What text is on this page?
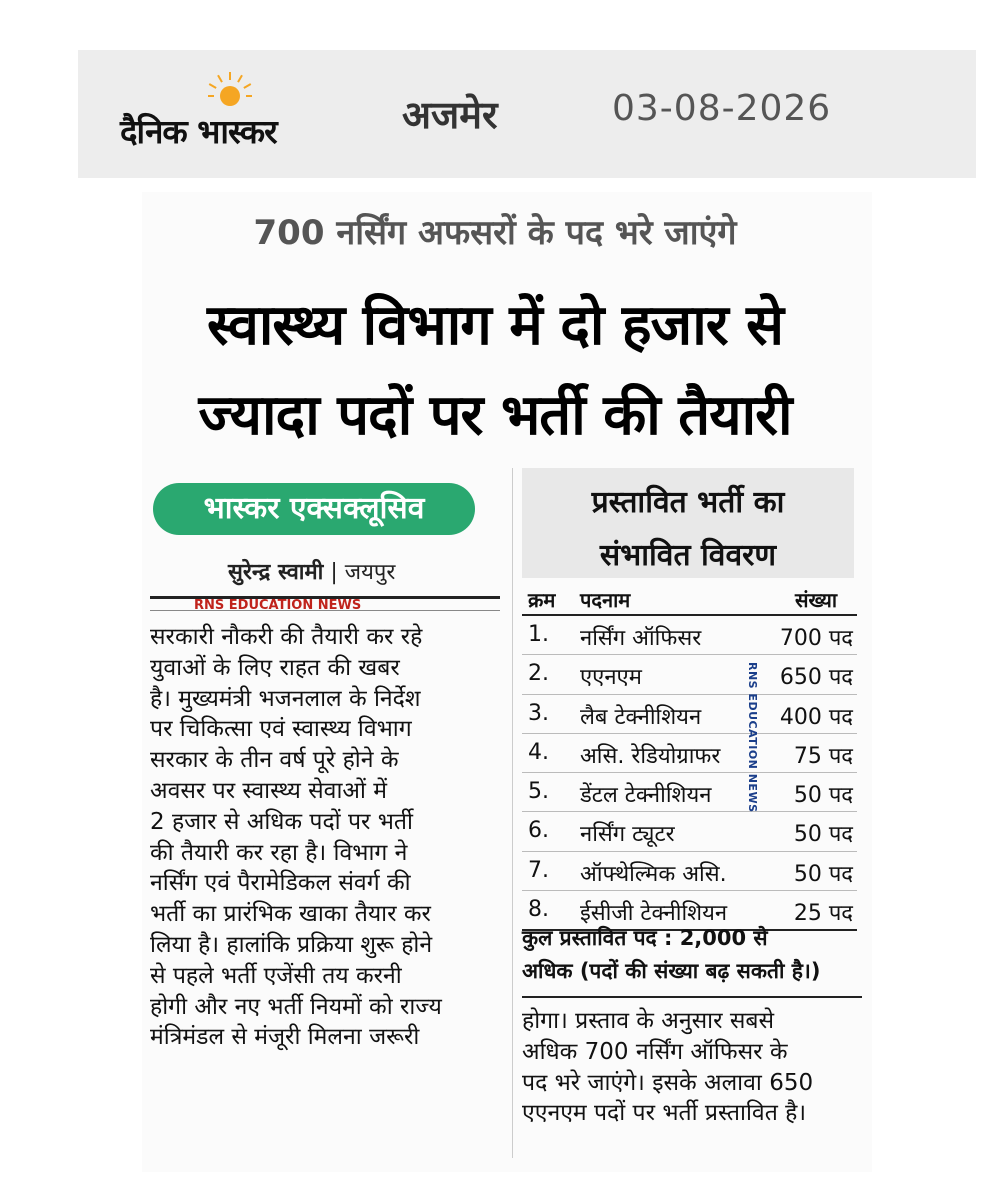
दैनिक भास्कर	अजमेर	03-08-2026
700 नर्सिंग अफसरों के पद भरे जाएंगे
स्वास्थ्य विभाग में दो हजार से
ज्यादा पदों पर भर्ती की तैयारी
भास्कर एक्सक्लूसिव
सुरेन्द्र स्वामी | जयपुर
RNS EDUCATION NEWS
सरकारी नौकरी की तैयारी कर रहे
युवाओं के लिए राहत की खबर
है। मुख्यमंत्री भजनलाल के निर्देश
पर चिकित्सा एवं स्वास्थ्य विभाग
सरकार के तीन वर्ष पूरे होने के
अवसर पर स्वास्थ्य सेवाओं में
2 हजार से अधिक पदों पर भर्ती
की तैयारी कर रहा है। विभाग ने
नर्सिंग एवं पैरामेडिकल संवर्ग की
भर्ती का प्रारंभिक खाका तैयार कर
लिया है। हालांकि प्रक्रिया शुरू होने
से पहले भर्ती एजेंसी तय करनी
होगी और नए भर्ती नियमों को राज्य
मंत्रिमंडल से मंजूरी मिलना जरूरी
प्रस्तावित भर्ती का
संभावित विवरण
क्रम पदनाम	संख्या
1. नर्सिंग ऑफिसर	700 पद
2. एएनएम	650 पद
3. लैब टेक्नीशियन	400 पद
4. असि. रेडियोग्राफर	75 पद
5. डेंटल टेक्नीशियन	50 पद
6. नर्सिंग ट्यूटर	50 पद
7. ऑफ्थेल्मिक असि.	50 पद
8. ईसीजी टेक्नीशियन	25 पद
RNS EDUCATION NEWS
कुल प्रस्तावित पद : 2,000 से
अधिक (पदों की संख्या बढ़ सकती है।)
होगा। प्रस्ताव के अनुसार सबसे
अधिक 700 नर्सिंग ऑफिसर के
पद भरे जाएंगे। इसके अलावा 650
एएनएम पदों पर भर्ती प्रस्तावित है।
